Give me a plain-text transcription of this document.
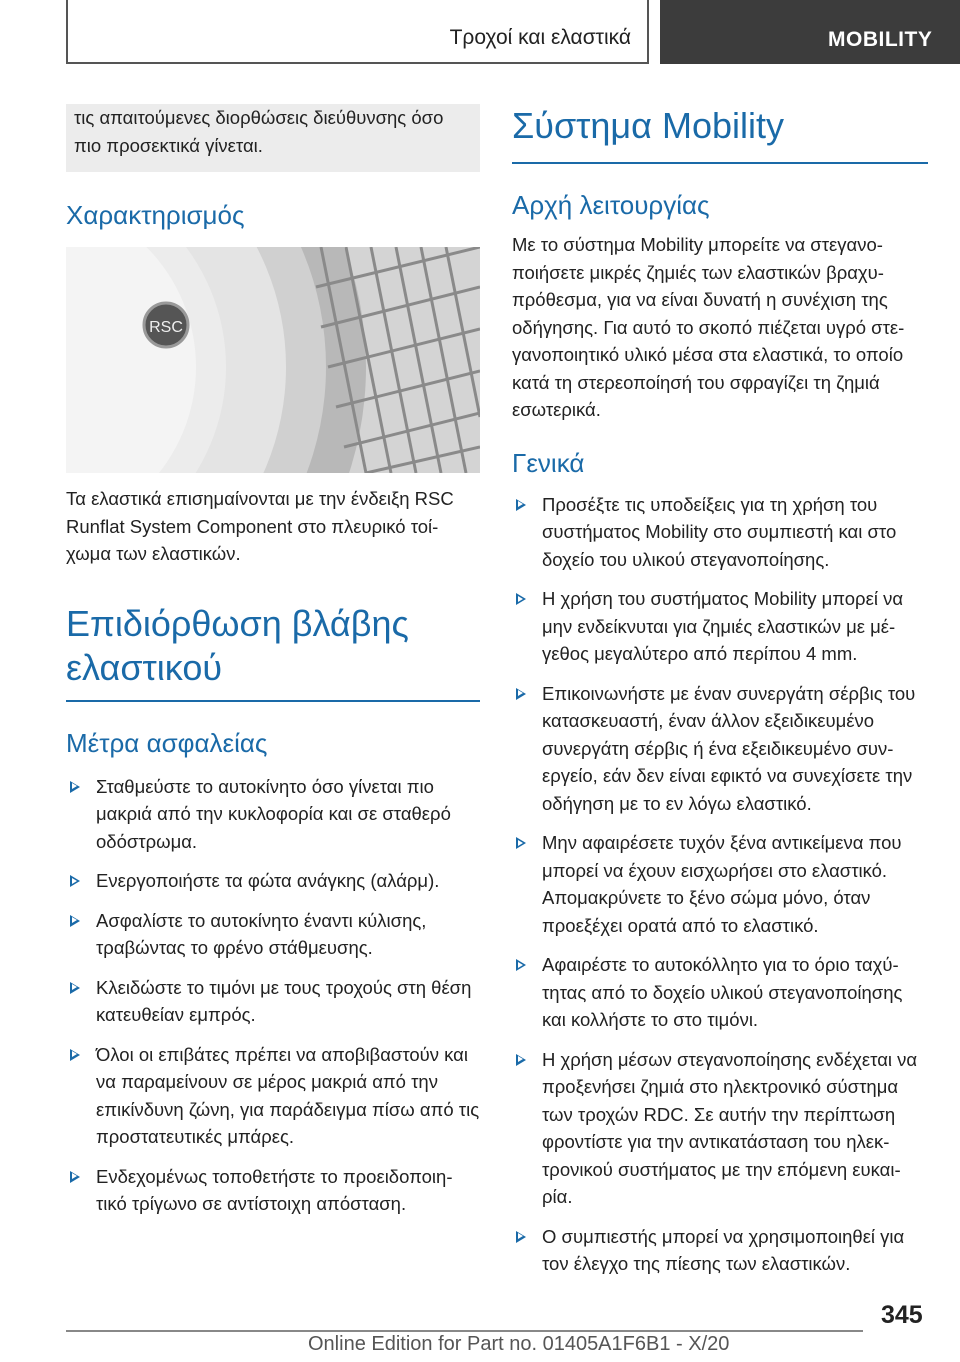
Τροχοί και ελαστικά	MOBILITY

τις απαιτούμενες διορθώσεις διεύθυνσης όσο πιο προσεκτικά γίνεται.

Χαρακτηρισμός
RSC

Τα ελαστικά επισημαίνονται με την ένδειξη RSC Runflat System Component στο πλευρικό τοί-χωμα των ελαστικών.

Επιδιόρθωση βλάβης ελαστικού
Μέτρα ασφαλείας
Σταθμεύστε το αυτοκίνητο όσο γίνεται πιο μακριά από την κυκλοφορία και σε σταθερό οδόστρωμα.
Ενεργοποιήστε τα φώτα ανάγκης (αλάρμ).
Ασφαλίστε το αυτοκίνητο έναντι κύλισης, τραβώντας το φρένο στάθμευσης.
Κλειδώστε το τιμόνι με τους τροχούς στη θέση κατευθείαν εμπρός.
Όλοι οι επιβάτες πρέπει να αποβιβαστούν και να παραμείνουν σε μέρος μακριά από την επικίνδυνη ζώνη, για παράδειγμα πίσω από τις προστατευτικές μπάρες.
Ενδεχομένως τοποθετήστε το προειδοποιη-τικό τρίγωνο σε αντίστοιχη απόσταση.
Σύστημα Mobility
Αρχή λειτουργίας

Με το σύστημα Mobility μπορείτε να στεγανο-ποιήσετε μικρές ζημιές των ελαστικών βραχυ-πρόθεσμα, για να είναι δυνατή η συνέχιση της οδήγησης. Για αυτό το σκοπό πιέζεται υγρό στε-γανοποιητικό υλικό μέσα στα ελαστικά, το οποίο κατά τη στερεοποίησή του σφραγίζει τη ζημιά εσωτερικά.

Γενικά
Προσέξτε τις υποδείξεις για τη χρήση του συστήματος Mobility στο συμπιεστή και στο δοχείο του υλικού στεγανοποίησης.
Η χρήση του συστήματος Mobility μπορεί να μην ενδείκνυται για ζημιές ελαστικών με μέ-γεθος μεγαλύτερο από περίπου 4 mm.
Επικοινωνήστε με έναν συνεργάτη σέρβις του κατασκευαστή, έναν άλλον εξειδικευμένο συνεργάτη σέρβις ή ένα εξειδικευμένο συν-εργείο, εάν δεν είναι εφικτό να συνεχίσετε την οδήγηση με το εν λόγω ελαστικό.
Μην αφαιρέσετε τυχόν ξένα αντικείμενα που μπορεί να έχουν εισχωρήσει στο ελαστικό. Απομακρύνετε το ξένο σώμα μόνο, όταν προεξέχει ορατά από το ελαστικό.
Αφαιρέστε το αυτοκόλλητο για το όριο ταχύ-τητας από το δοχείο υλικού στεγανοποίησης και κολλήστε το στο τιμόνι.
Η χρήση μέσων στεγανοποίησης ενδέχεται να προξενήσει ζημιά στο ηλεκτρονικό σύστημα των τροχών RDC. Σε αυτήν την περίπτωση φροντίστε για την αντικατάσταση του ηλεκ-τρονικού συστήματος με την επόμενη ευκαι-ρία.
Ο συμπιεστής μπορεί να χρησιμοποιηθεί για τον έλεγχο της πίεσης των ελαστικών.
345
Online Edition for Part no. 01405A1F6B1 - X/20
